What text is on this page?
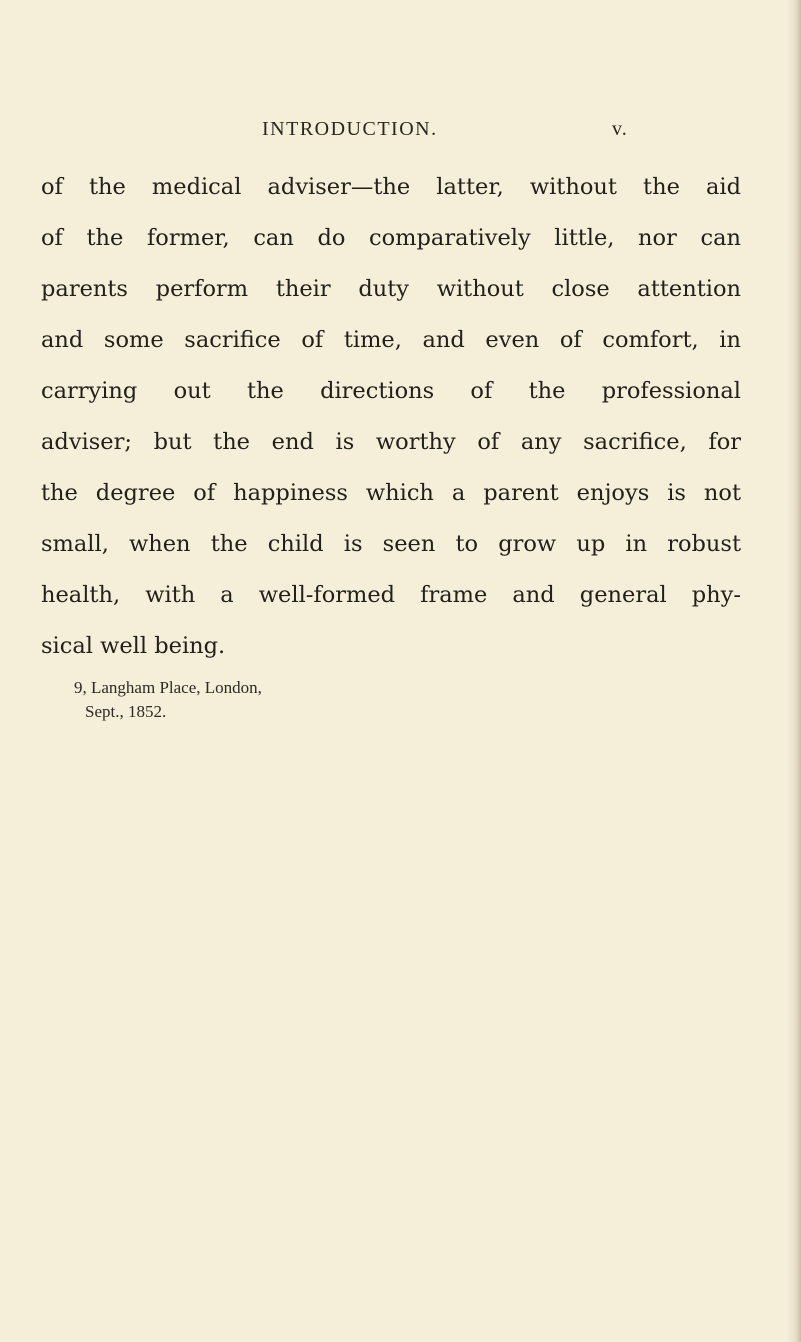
INTRODUCTION.	v.
of the medical adviser—the latter, without the aid
of the former, can do comparatively little, nor can
parents perform their duty without close attention
and some sacrifice of time, and even of comfort, in
carrying out the directions of the professional
adviser; but the end is worthy of any sacrifice, for
the degree of happiness which a parent enjoys is not
small, when the child is seen to grow up in robust
health, with a well-formed frame and general phy-
sical well being.
9, Langham Place, London,
Sept., 1852.
